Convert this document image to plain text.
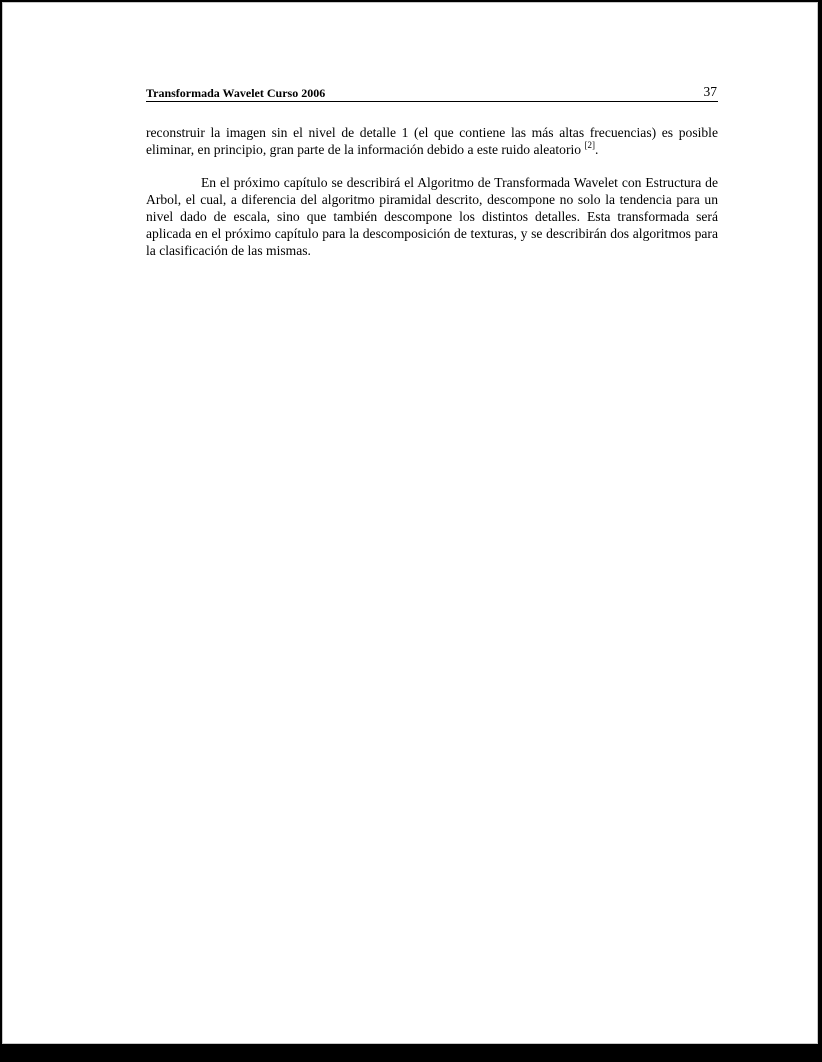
Transformada Wavelet Curso 2006	37

reconstruir la imagen sin el nivel de detalle 1 (el que contiene las más altas frecuencias) es posible eliminar, en principio, gran parte de la información debido a este ruido aleatorio [2].

En el próximo capítulo se describirá el Algoritmo de Transformada Wavelet con Estructura de Arbol, el cual, a diferencia del algoritmo piramidal descrito, descompone no solo la tendencia para un nivel dado de escala, sino que también descompone los distintos detalles. Esta transformada será aplicada en el próximo capítulo para la descomposición de texturas, y se describirán dos algoritmos para la clasificación de las mismas.
